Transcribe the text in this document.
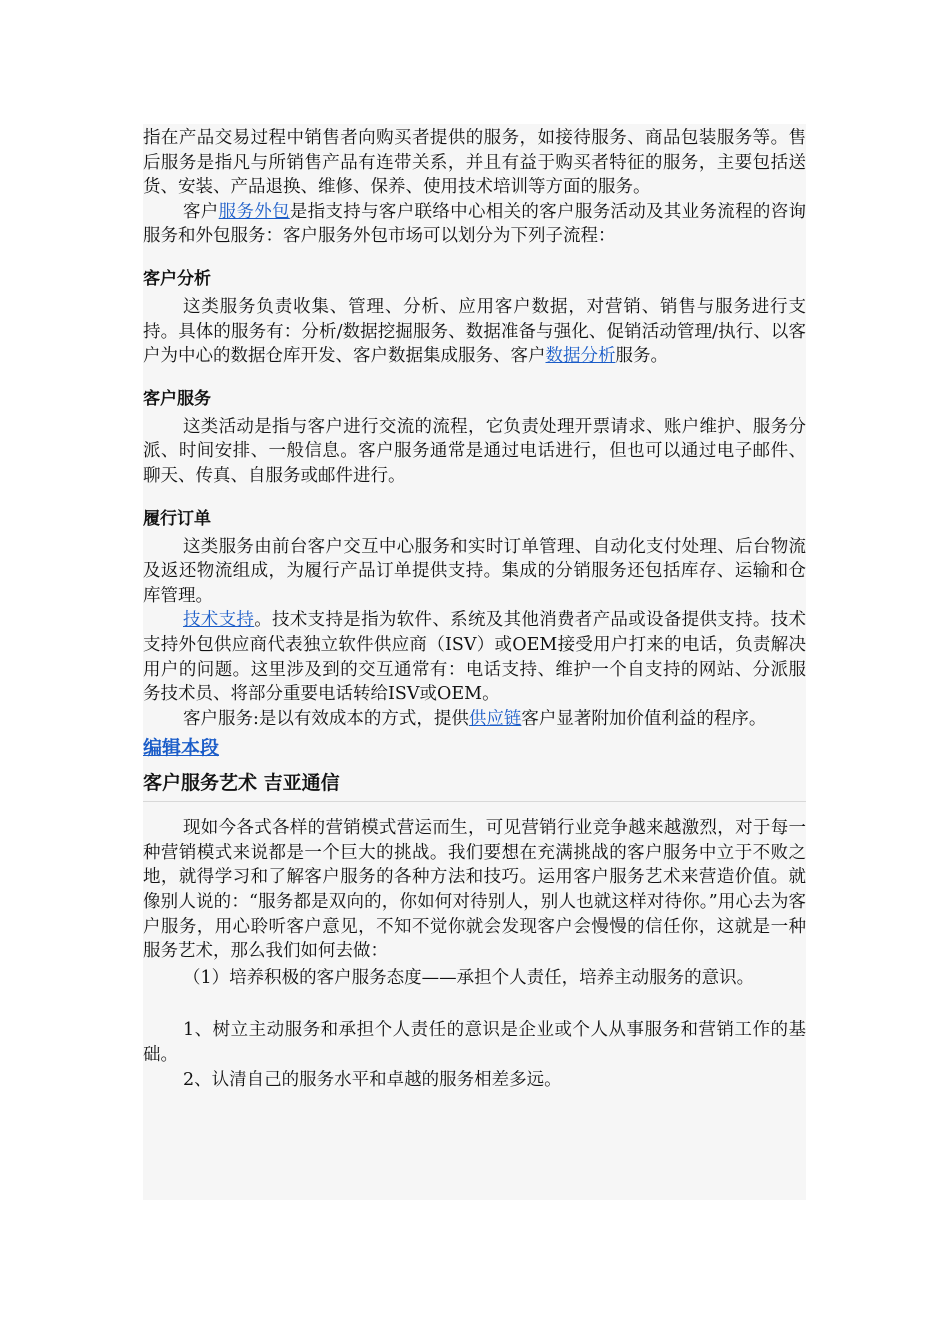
指在产品交易过程中销售者向购买者提供的服务，如接待服务、商品包装服务等。售后服务是指凡与所销售产品有连带关系，并且有益于购买者特征的服务，主要包括送货、安装、产品退换、维修、保养、使用技术培训等方面的服务。

客户服务外包是指支持与客户联络中心相关的客户服务活动及其业务流程的咨询服务和外包服务：客户服务外包市场可以划分为下列子流程：

客户分析

这类服务负责收集、管理、分析、应用客户数据，对营销、销售与服务进行支持。具体的服务有：分析/数据挖掘服务、数据准备与强化、促销活动管理/执行、以客户为中心的数据仓库开发、客户数据集成服务、客户数据分析服务。

客户服务

这类活动是指与客户进行交流的流程，它负责处理开票请求、账户维护、服务分派、时间安排、一般信息。客户服务通常是通过电话进行，但也可以通过电子邮件、聊天、传真、自服务或邮件进行。

履行订单

这类服务由前台客户交互中心服务和实时订单管理、自动化支付处理、后台物流及返还物流组成，为履行产品订单提供支持。集成的分销服务还包括库存、运输和仓库管理。

技术支持。技术支持是指为软件、系统及其他消费者产品或设备提供支持。技术支持外包供应商代表独立软件供应商（ISV）或OEM接受用户打来的电话，负责解决用户的问题。这里涉及到的交互通常有：电话支持、维护一个自支持的网站、分派服务技术员、将部分重要电话转给ISV或OEM。

客户服务:是以有效成本的方式，提供供应链客户显著附加价值利益的程序。

编辑本段

客户服务艺术 吉亚通信

现如今各式各样的营销模式营运而生，可见营销行业竞争越来越激烈，对于每一种营销模式来说都是一个巨大的挑战。我们要想在充满挑战的客户服务中立于不败之地，就得学习和了解客户服务的各种方法和技巧。运用客户服务艺术来营造价值。就像别人说的：“服务都是双向的，你如何对待别人，别人也就这样对待你。”用心去为客户服务，用心聆听客户意见，不知不觉你就会发现客户会慢慢的信任你，这就是一种服务艺术，那么我们如何去做：

（1）培养积极的客户服务态度——承担个人责任，培养主动服务的意识。

1、树立主动服务和承担个人责任的意识是企业或个人从事服务和营销工作的基础。

2、认清自己的服务水平和卓越的服务相差多远。
